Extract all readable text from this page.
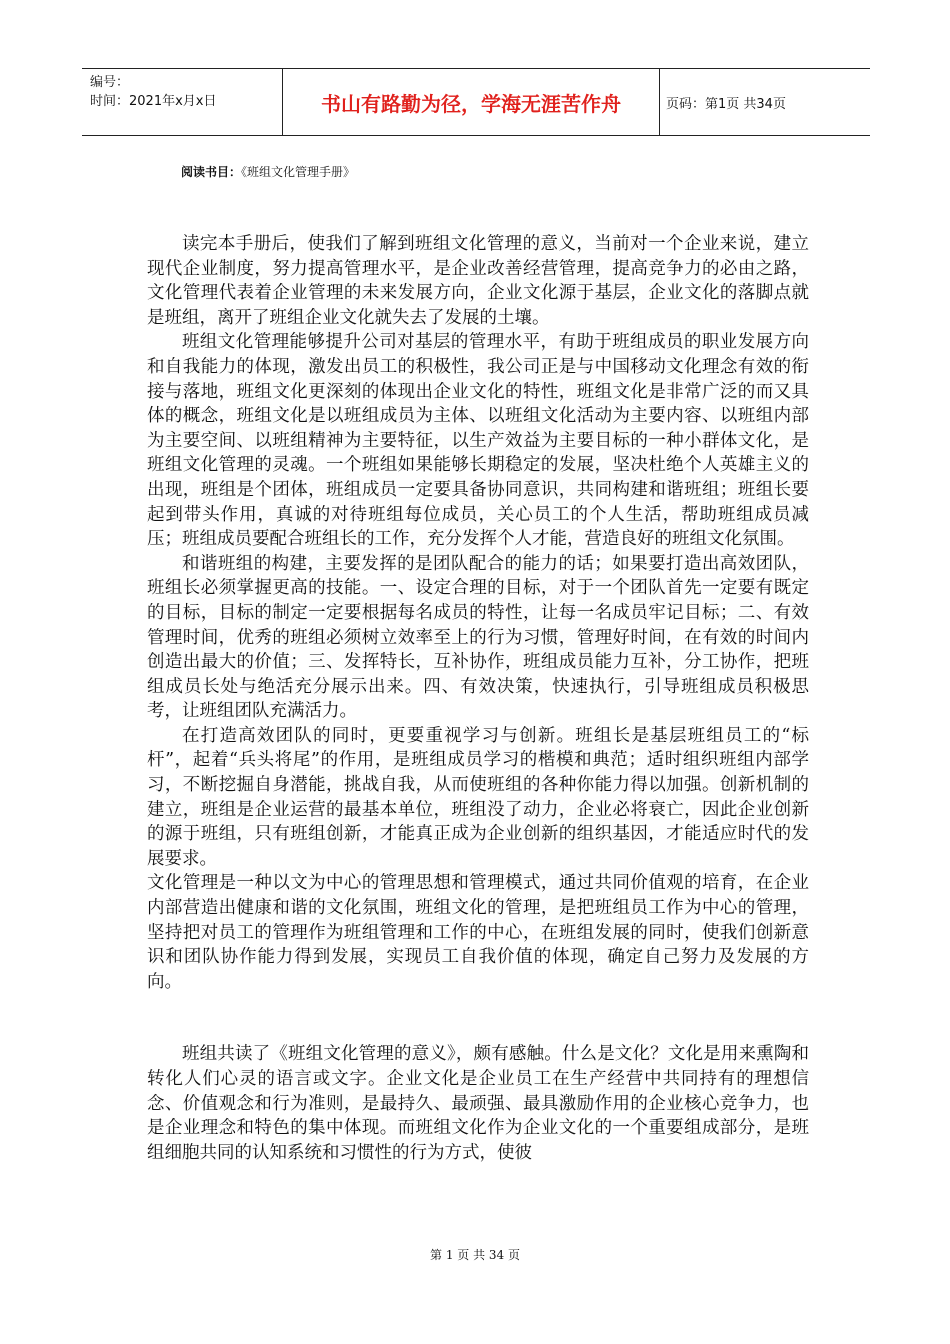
编号：
时间：2021年x月x日	书山有路勤为径，学海无涯苦作舟	页码：第1页 共34页
阅读书目：《班组文化管理手册》

读完本手册后，使我们了解到班组文化管理的意义，当前对一个企业来说，建立现代企业制度，努力提高管理水平，是企业改善经营管理，提高竞争力的必由之路，文化管理代表着企业管理的未来发展方向，企业文化源于基层，企业文化的落脚点就是班组，离开了班组企业文化就失去了发展的土壤。

班组文化管理能够提升公司对基层的管理水平，有助于班组成员的职业发展方向和自我能力的体现，激发出员工的积极性，我公司正是与中国移动文化理念有效的衔接与落地，班组文化更深刻的体现出企业文化的特性，班组文化是非常广泛的而又具体的概念，班组文化是以班组成员为主体、以班组文化活动为主要内容、以班组内部为主要空间、以班组精神为主要特征，以生产效益为主要目标的一种小群体文化，是班组文化管理的灵魂。一个班组如果能够长期稳定的发展，坚决杜绝个人英雄主义的出现，班组是个团体，班组成员一定要具备协同意识，共同构建和谐班组；班组长要起到带头作用，真诚的对待班组每位成员，关心员工的个人生活，帮助班组成员减压；班组成员要配合班组长的工作，充分发挥个人才能，营造良好的班组文化氛围。

和谐班组的构建，主要发挥的是团队配合的能力的话；如果要打造出高效团队，班组长必须掌握更高的技能。一、设定合理的目标，对于一个团队首先一定要有既定的目标，目标的制定一定要根据每名成员的特性，让每一名成员牢记目标；二、有效管理时间，优秀的班组必须树立效率至上的行为习惯，管理好时间，在有效的时间内创造出最大的价值；三、发挥特长，互补协作，班组成员能力互补，分工协作，把班组成员长处与绝活充分展示出来。四、有效决策，快速执行，引导班组成员积极思考，让班组团队充满活力。

在打造高效团队的同时，更要重视学习与创新。班组长是基层班组员工的“标杆”，起着“兵头将尾”的作用，是班组成员学习的楷模和典范；适时组织班组内部学习，不断挖掘自身潜能，挑战自我，从而使班组的各种你能力得以加强。创新机制的建立，班组是企业运营的最基本单位，班组没了动力，企业必将衰亡，因此企业创新的源于班组，只有班组创新，才能真正成为企业创新的组织基因，才能适应时代的发展要求。

文化管理是一种以文为中心的管理思想和管理模式，通过共同价值观的培育，在企业内部营造出健康和谐的文化氛围，班组文化的管理，是把班组员工作为中心的管理，坚持把对员工的管理作为班组管理和工作的中心，在班组发展的同时，使我们创新意识和团队协作能力得到发展，实现员工自我价值的体现，确定自己努力及发展的方向。

班组共读了《班组文化管理的意义》，颇有感触。什么是文化？文化是用来熏陶和转化人们心灵的语言或文字。企业文化是企业员工在生产经营中共同持有的理想信念、价值观念和行为准则，是最持久、最顽强、最具激励作用的企业核心竞争力，也是企业理念和特色的集中体现。而班组文化作为企业文化的一个重要组成部分，是班组细胞共同的认知系统和习惯性的行为方式，使彼

第 1 页 共 34 页
